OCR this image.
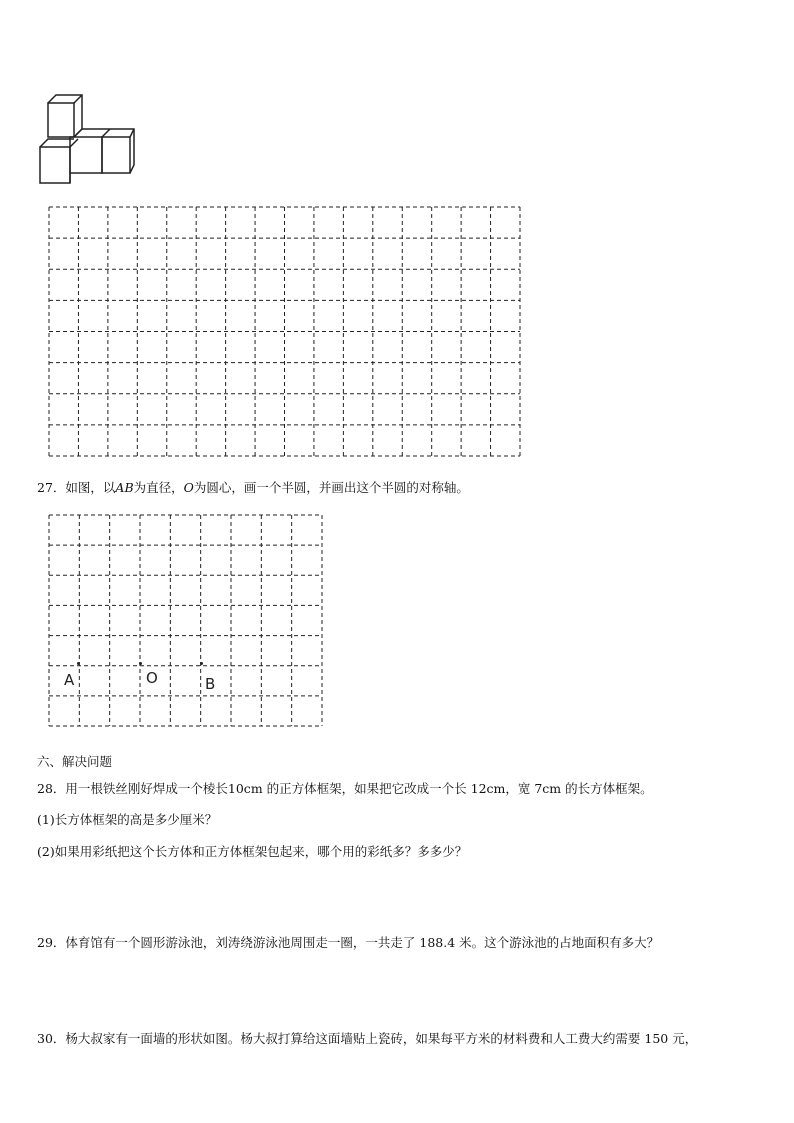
27．如图，以AB为直径，O为圆心，画一个半圆，并画出这个半圆的对称轴。
A	O	B
六、解决问题
28．用一根铁丝刚好焊成一个棱长10cm 的正方体框架，如果把它改成一个长 12cm，宽 7cm 的长方体框架。
(1)长方体框架的高是多少厘米？
(2)如果用彩纸把这个长方体和正方体框架包起来，哪个用的彩纸多？多多少？
29．体育馆有一个圆形游泳池，刘涛绕游泳池周围走一圈，一共走了 188.4 米。这个游泳池的占地面积有多大？
30．杨大叔家有一面墙的形状如图。杨大叔打算给这面墙贴上瓷砖，如果每平方米的材料费和人工费大约需要 150 元，
